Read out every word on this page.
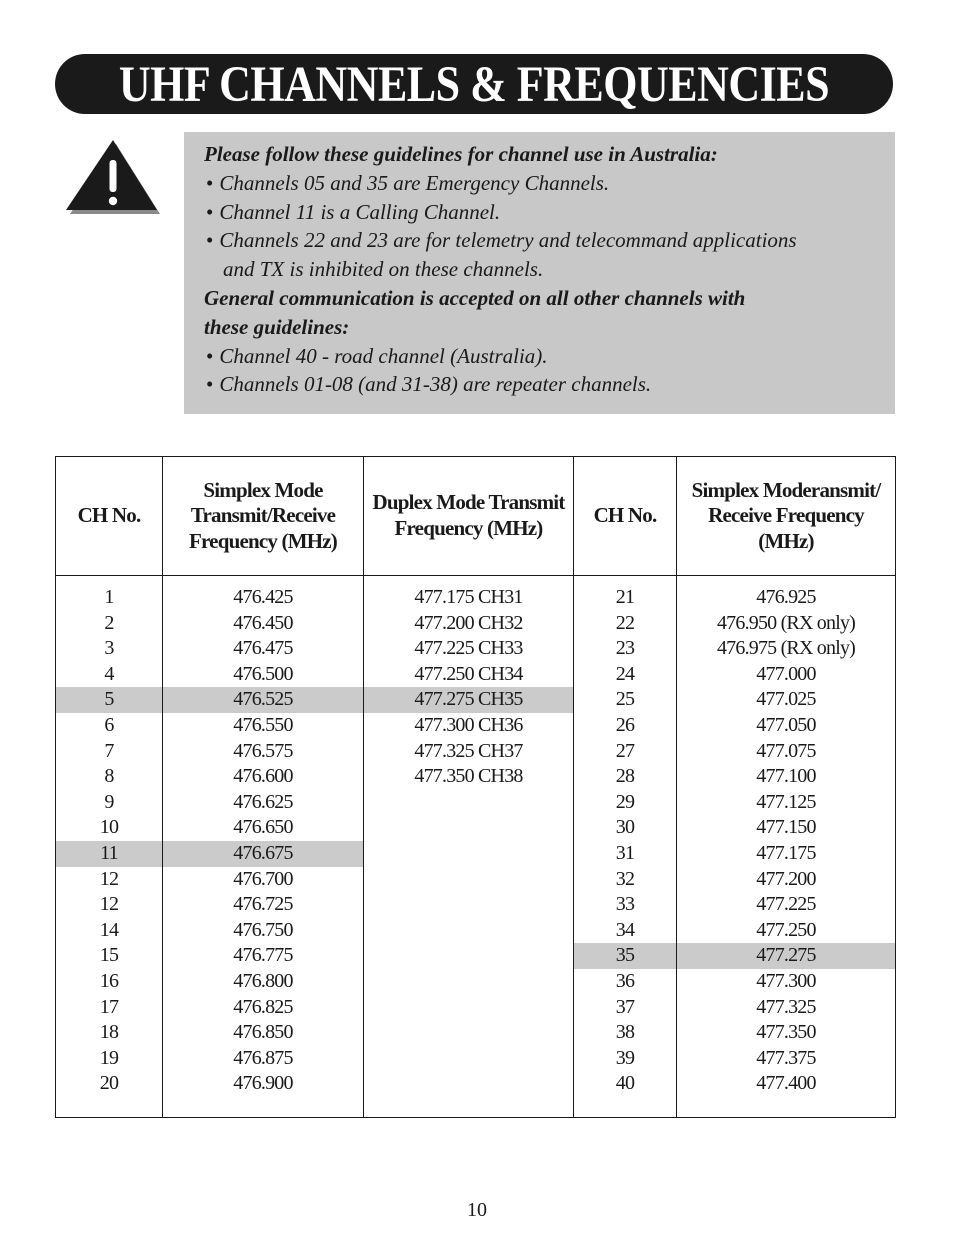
UHF CHANNELS & FREQUENCIES
Please follow these guidelines for channel use in Australia:
• Channels 05 and 35 are Emergency Channels.
• Channel 11 is a Calling Channel.
• Channels 22 and 23 are for telemetry and telecommand applications
and TX is inhibited on these channels.
General communication is accepted on all other channels with
these guidelines:
• Channel 40 - road channel (Australia).
• Channels 01-08 (and 31-38) are repeater channels.
CH No.	Simplex Mode Transmit/Receive Frequency (MHz)	Duplex Mode Transmit Frequency (MHz)	CH No.	Simplex Moderansmit/ Receive Frequency (MHz)
1	476.425	477.175 CH31	21	476.925
2	476.450	477.200 CH32	22	476.950 (RX only)
3	476.475	477.225 CH33	23	476.975 (RX only)
4	476.500	477.250 CH34	24	477.000
5	476.525	477.275 CH35	25	477.025
6	476.550	477.300 CH36	26	477.050
7	476.575	477.325 CH37	27	477.075
8	476.600	477.350 CH38	28	477.100
9	476.625		29	477.125
10	476.650		30	477.150
11	476.675		31	477.175
12	476.700		32	477.200
12	476.725		33	477.225
14	476.750		34	477.250
15	476.775		35	477.275
16	476.800		36	477.300
17	476.825		37	477.325
18	476.850		38	477.350
19	476.875		39	477.375
20	476.900		40	477.400
10
